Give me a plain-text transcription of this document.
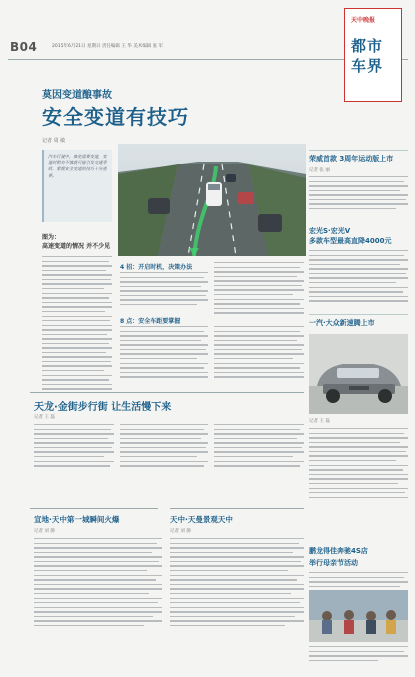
B04	2015年6月21日 星期日 责任编辑 王 华 美术编辑 张 军
天中晚报
都市
车界
莫因变道酿事故
安全变道有技巧
记者 周 敏
汽车行驶中，难免需要变道，变道时稍有不慎就可能引发交通事故，掌握安全变道的技巧十分重要。
图为：
高速变道的情况 并不少见
4 招：开启时机，决策办法
8 点：安全车距要掌握
荣威首款 3周年运动版上市
记者 张 丽
宏光S·宏光V
多款车型最高直降4000元
一汽·大众新速腾上市
记者 王 磊
鹏龙得佳奔驰4S店
举行母亲节活动
天龙·金街步行街 让生活慢下来
记者 王 磊
宣地·天中第一城瞬间火爆
记者 刘 静
天中·天曼景观天中
记者 刘 静
